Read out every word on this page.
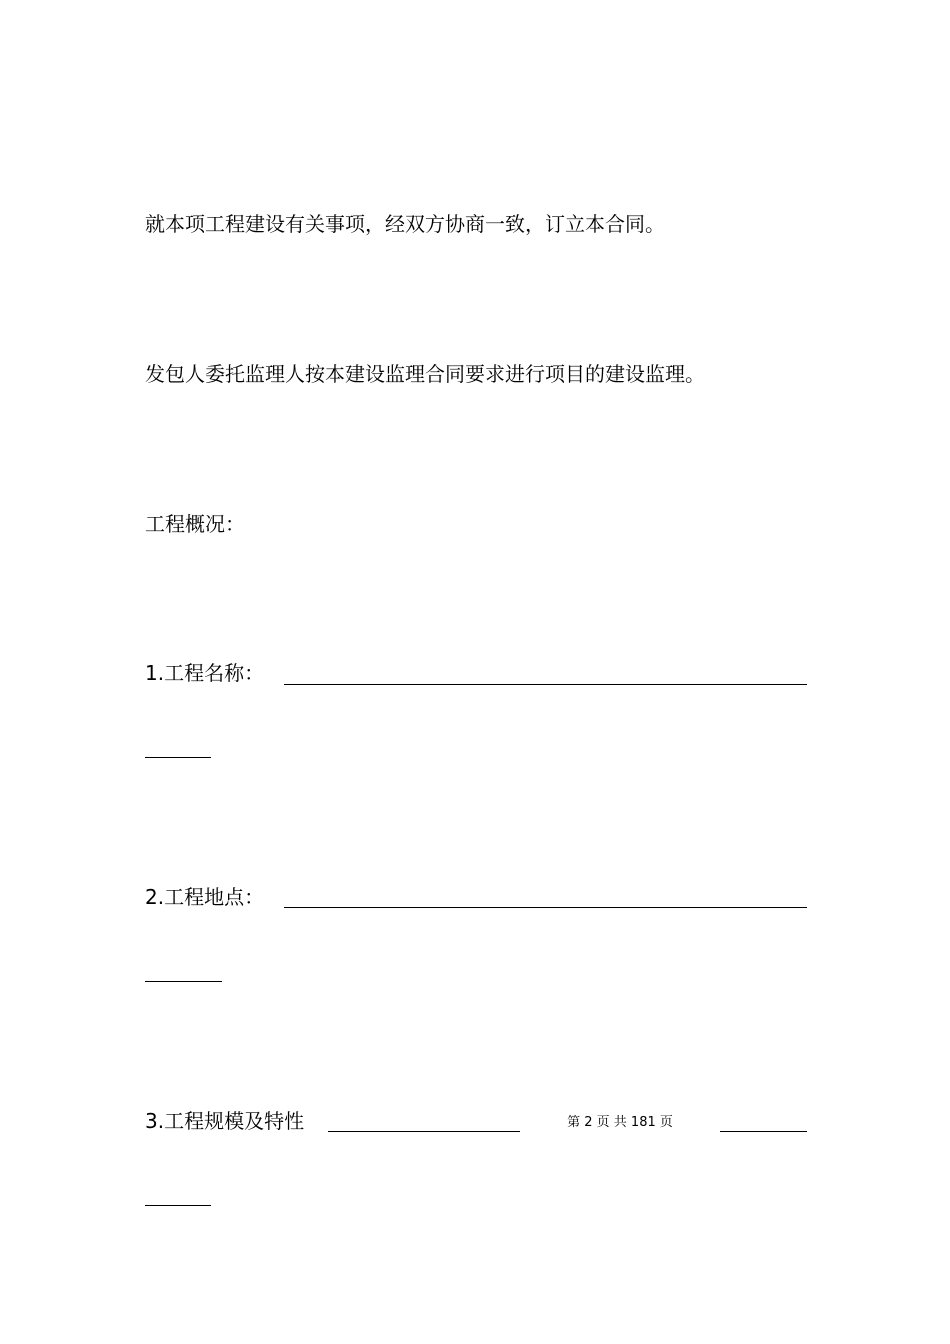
就本项工程建设有关事项，经双方协商一致，订立本合同。
发包人委托监理人按本建设监理合同要求进行项目的建设监理。
工程概况：
1.工程名称：
2.工程地点：
3.工程规模及特性	第 2 页 共 181 页
